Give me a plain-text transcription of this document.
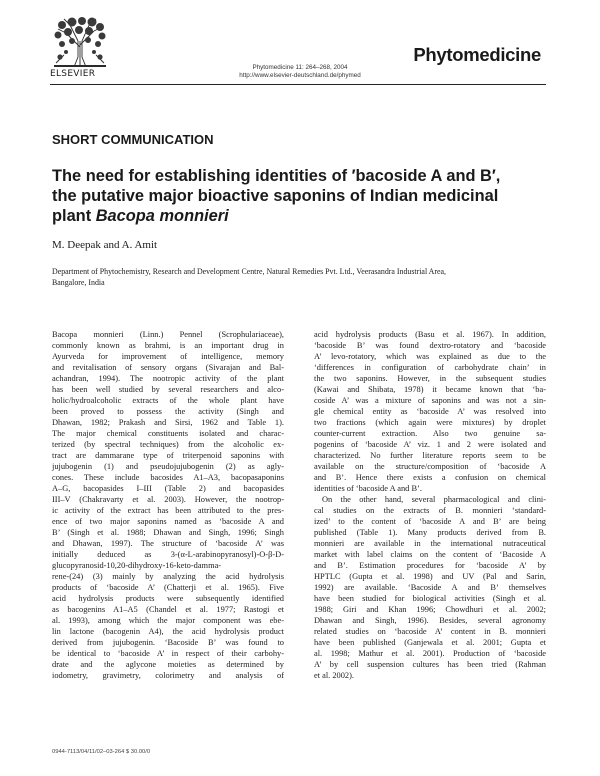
ELSEVIER
Phytomedicine 11: 264–268, 2004
http://www.elsevier-deutschland.de/phymed
Phytomedicine
SHORT COMMUNICATION
The need for establishing identities of ′bacoside A and B′,
the putative major bioactive saponins of Indian medicinal
plant Bacopa monnieri
M. Deepak and A. Amit
Department of Phytochemistry, Research and Development Centre, Natural Remedies Pvt. Ltd., Veerasandra Industrial Area,
Bangalore, India
Bacopa monnieri (Linn.) Pennel (Scrophulariaceae),
commonly known as brahmi, is an important drug in
Ayurveda for improvement of intelligence, memory
and revitalisation of sensory organs (Sivarajan and Bal-
achandran, 1994). The nootropic activity of the plant
has been well studied by several researchers and alco-
holic/hydroalcoholic extracts of the whole plant have
been proved to possess the activity (Singh and
Dhawan, 1982; Prakash and Sirsi, 1962 and Table 1).
The major chemical constituents isolated and charac-
terized (by spectral techniques) from the alcoholic ex-
tract are dammarane type of triterpenoid saponins with
jujubogenin (1) and pseudojujubogenin (2) as agly-
cones. These include bacosides A1–A3, bacopasaponins
A–G, bacopasides I–III (Table 2) and bacopasides
III–V (Chakravarty et al. 2003). However, the nootrop-
ic activity of the extract has been attributed to the pres-
ence of two major saponins named as ‘bacoside A and
B’ (Singh et al. 1988; Dhawan and Singh, 1996; Singh
and Dhawan, 1997). The structure of ‘bacoside A’ was
initially deduced as 3-(α-L-arabinopyranosyl)-O-β-D-
glucopyranosid-10,20-dihydroxy-16-keto-damma-
rene-(24) (3) mainly by analyzing the acid hydrolysis
products of ‘bacoside A’ (Chatterji et al. 1965). Five
acid hydrolysis products were subsequently identified
as bacogenins A1–A5 (Chandel et al. 1977; Rastogi et
al. 1993), among which the major component was ebe-
lin lactone (bacogenin A4), the acid hydrolysis product
derived from jujubogenin. ‘Bacoside B’ was found to
be identical to ‘bacoside A’ in respect of their carbohy-
drate and the aglycone moieties as determined by
iodometry, gravimetry, colorimetry and analysis of
acid hydrolysis products (Basu et al. 1967). In addition,
‘bacoside B’ was found dextro-rotatory and ‘bacoside
A’ levo-rotatory, which was explained as due to the
‘differences in configuration of carbohydrate chain’ in
the two saponins. However, in the subsequent studies
(Kawai and Shibata, 1978) it became known that ‘ba-
coside A’ was a mixture of saponins and was not a sin-
gle chemical entity as ‘bacoside A’ was resolved into
two fractions (which again were mixtures) by droplet
counter-current extraction. Also two genuine sa-
pogenins of ‘bacoside A’ viz. 1 and 2 were isolated and
characterized. No further literature reports seem to be
available on the structure/composition of ‘bacoside A
and B’. Hence there exists a confusion on chemical
identities of ‘bacoside A and B’.
On the other hand, several pharmacological and clini-
cal studies on the extracts of B. monnieri ‘standard-
ized’ to the content of ‘bacoside A and B’ are being
published (Table 1). Many products derived from B.
monnieri are available in the international nutraceutical
market with label claims on the content of ‘Bacoside A
and B’. Estimation procedures for ‘bacoside A’ by
HPTLC (Gupta et al. 1998) and UV (Pal and Sarin,
1992) are available. ‘Bacoside A and B’ themselves
have been studied for biological activities (Singh et al.
1988; Giri and Khan 1996; Chowdhuri et al. 2002;
Dhawan and Singh, 1996). Besides, several agronomy
related studies on ‘bacoside A’ content in B. monnieri
have been published (Ganjewala et al. 2001; Gupta et
al. 1998; Mathur et al. 2001). Production of ‘bacoside
A’ by cell suspension cultures has been tried (Rahman
et al. 2002).
0944-7113/04/11/02–03-264 $ 30.00/0
